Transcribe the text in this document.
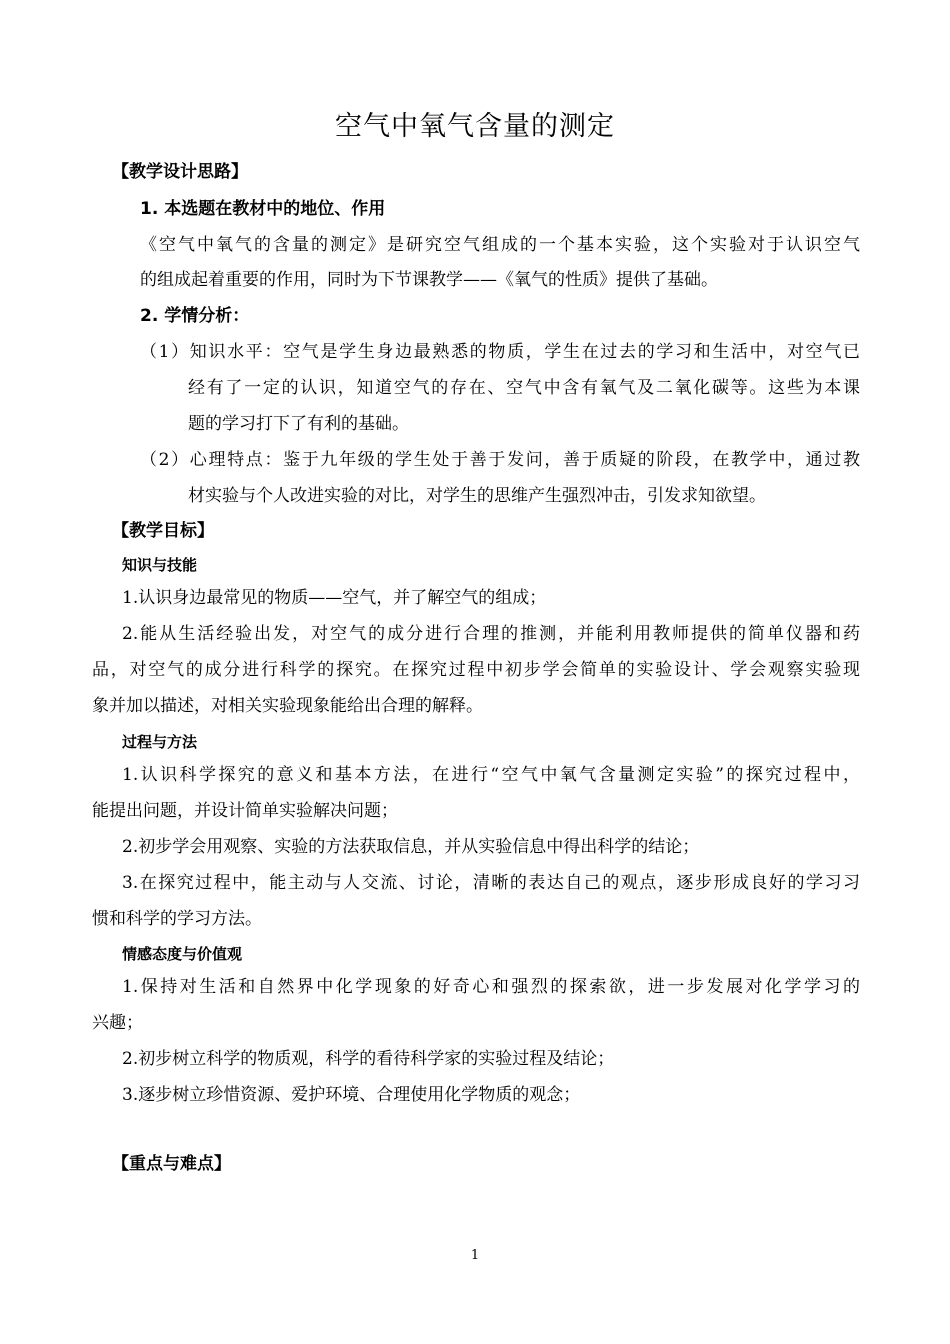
空气中氧气含量的测定
【教学设计思路】
1. 本选题在教材中的地位、作用
《空气中氧气的含量的测定》是研究空气组成的一个基本实验，这个实验对于认识空气
的组成起着重要的作用，同时为下节课教学——《氧气的性质》提供了基础。
2. 学情分析：
（1）知识水平：空气是学生身边最熟悉的物质，学生在过去的学习和生活中，对空气已
经有了一定的认识，知道空气的存在、空气中含有氧气及二氧化碳等。这些为本课
题的学习打下了有利的基础。
（2）心理特点：鉴于九年级的学生处于善于发问，善于质疑的阶段，在教学中，通过教
材实验与个人改进实验的对比，对学生的思维产生强烈冲击，引发求知欲望。
【教学目标】
知识与技能
1.认识身边最常见的物质——空气，并了解空气的组成；
2.能从生活经验出发，对空气的成分进行合理的推测，并能利用教师提供的简单仪器和药
品，对空气的成分进行科学的探究。在探究过程中初步学会简单的实验设计、学会观察实验现
象并加以描述，对相关实验现象能给出合理的解释。
过程与方法
1.认识科学探究的意义和基本方法，在进行“空气中氧气含量测定实验”的探究过程中，
能提出问题，并设计简单实验解决问题；
2.初步学会用观察、实验的方法获取信息，并从实验信息中得出科学的结论；
3.在探究过程中，能主动与人交流、讨论，清晰的表达自己的观点，逐步形成良好的学习习
惯和科学的学习方法。
情感态度与价值观
1.保持对生活和自然界中化学现象的好奇心和强烈的探索欲，进一步发展对化学学习的
兴趣；
2.初步树立科学的物质观，科学的看待科学家的实验过程及结论；
3.逐步树立珍惜资源、爱护环境、合理使用化学物质的观念；
【重点与难点】
1
